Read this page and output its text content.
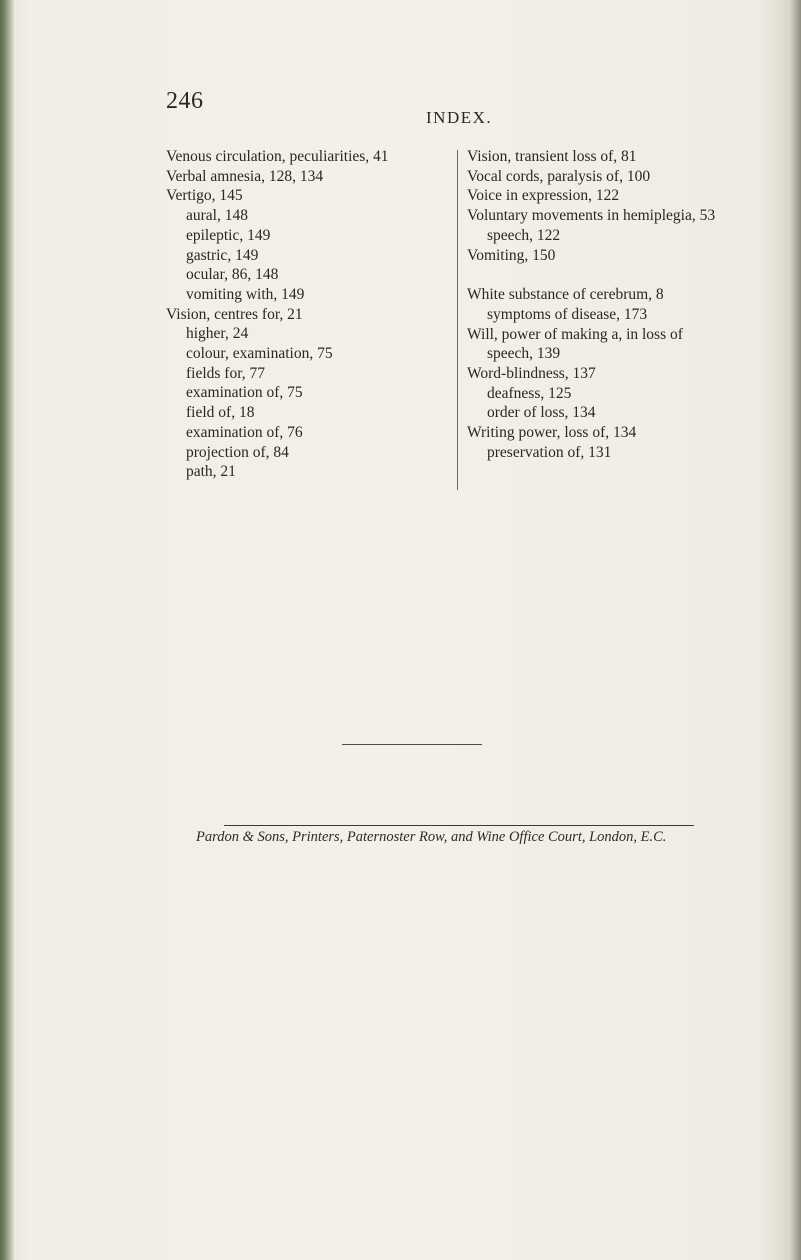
246
INDEX.
Venous circulation, peculiarities, 41
Verbal amnesia, 128, 134
Vertigo, 145
aural, 148
epileptic, 149
gastric, 149
ocular, 86, 148
vomiting with, 149
Vision, centres for, 21
higher, 24
colour, examination, 75
fields for, 77
examination of, 75
field of, 18
examination of, 76
projection of, 84
path, 21
Vision, transient loss of, 81
Vocal cords, paralysis of, 100
Voice in expression, 122
Voluntary movements in hemiplegia, 53
speech, 122
Vomiting, 150
White substance of cerebrum, 8
symptoms of disease, 173
Will, power of making a, in loss of
speech, 139
Word-blindness, 137
deafness, 125
order of loss, 134
Writing power, loss of, 134
preservation of, 131
Pardon & Sons, Printers, Paternoster Row, and Wine Office Court, London, E.C.
